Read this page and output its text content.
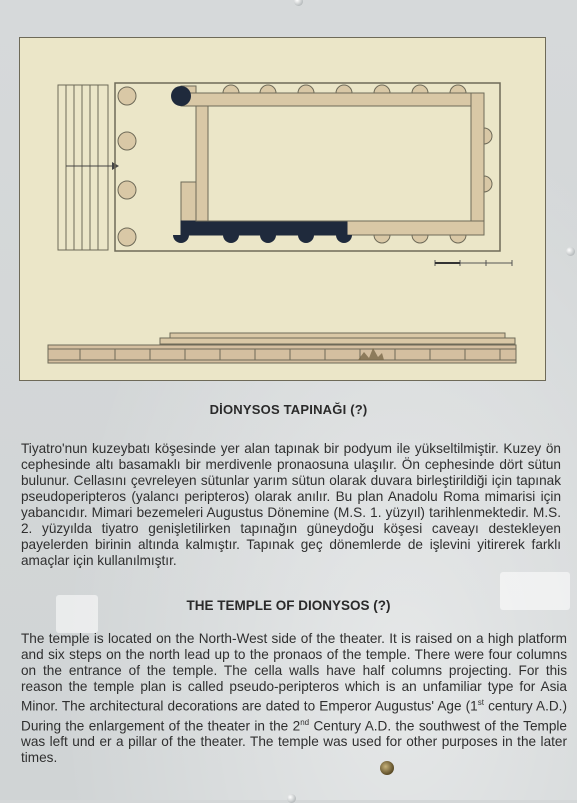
DİONYSOS TAPINAĞI (?)
Tiyatro'nun kuzeybatı köşesinde yer alan tapınak bir podyum ile yükseltilmiştir. Kuzey ön cephesinde altı basamaklı bir merdivenle pronaosuna ulaşılır. Ön cephesinde dört sütun bulunur. Cellasını çevreleyen sütunlar yarım sütun olarak duvara birleştirildiği için tapınak pseudoperipteros (yalancı peripteros) olarak anılır. Bu plan Anadolu Roma mimarisi için yabancıdır. Mimari bezemeleri Augustus Dönemine (M.S. 1. yüzyıl) tarihlenmektedir. M.S. 2. yüzyılda tiyatro genişletilirken tapınağın güneydoğu köşesi caveayı destekleyen payelerden birinin altında kalmıştır. Tapınak geç dönemlerde de işlevini yitirerek farklı amaçlar için kullanılmıştır.
THE TEMPLE OF DIONYSOS (?)
The temple is located on the North-West side of the theater. It is raised on a high platform and six steps on the north lead up to the pronaos of the temple. There were four columns on the entrance of the temple. The cella walls have half columns projecting. For this reason the temple plan is called pseudo-peripteros which is an unfamiliar type for Asia Minor. The architectural decorations are dated to Emperor Augustus' Age (1st century A.D.) During the enlargement of the theater in the 2nd Century A.D. the southwest of the Temple was left und er a pillar of the theater. The temple was used for other purposes in the later times.
